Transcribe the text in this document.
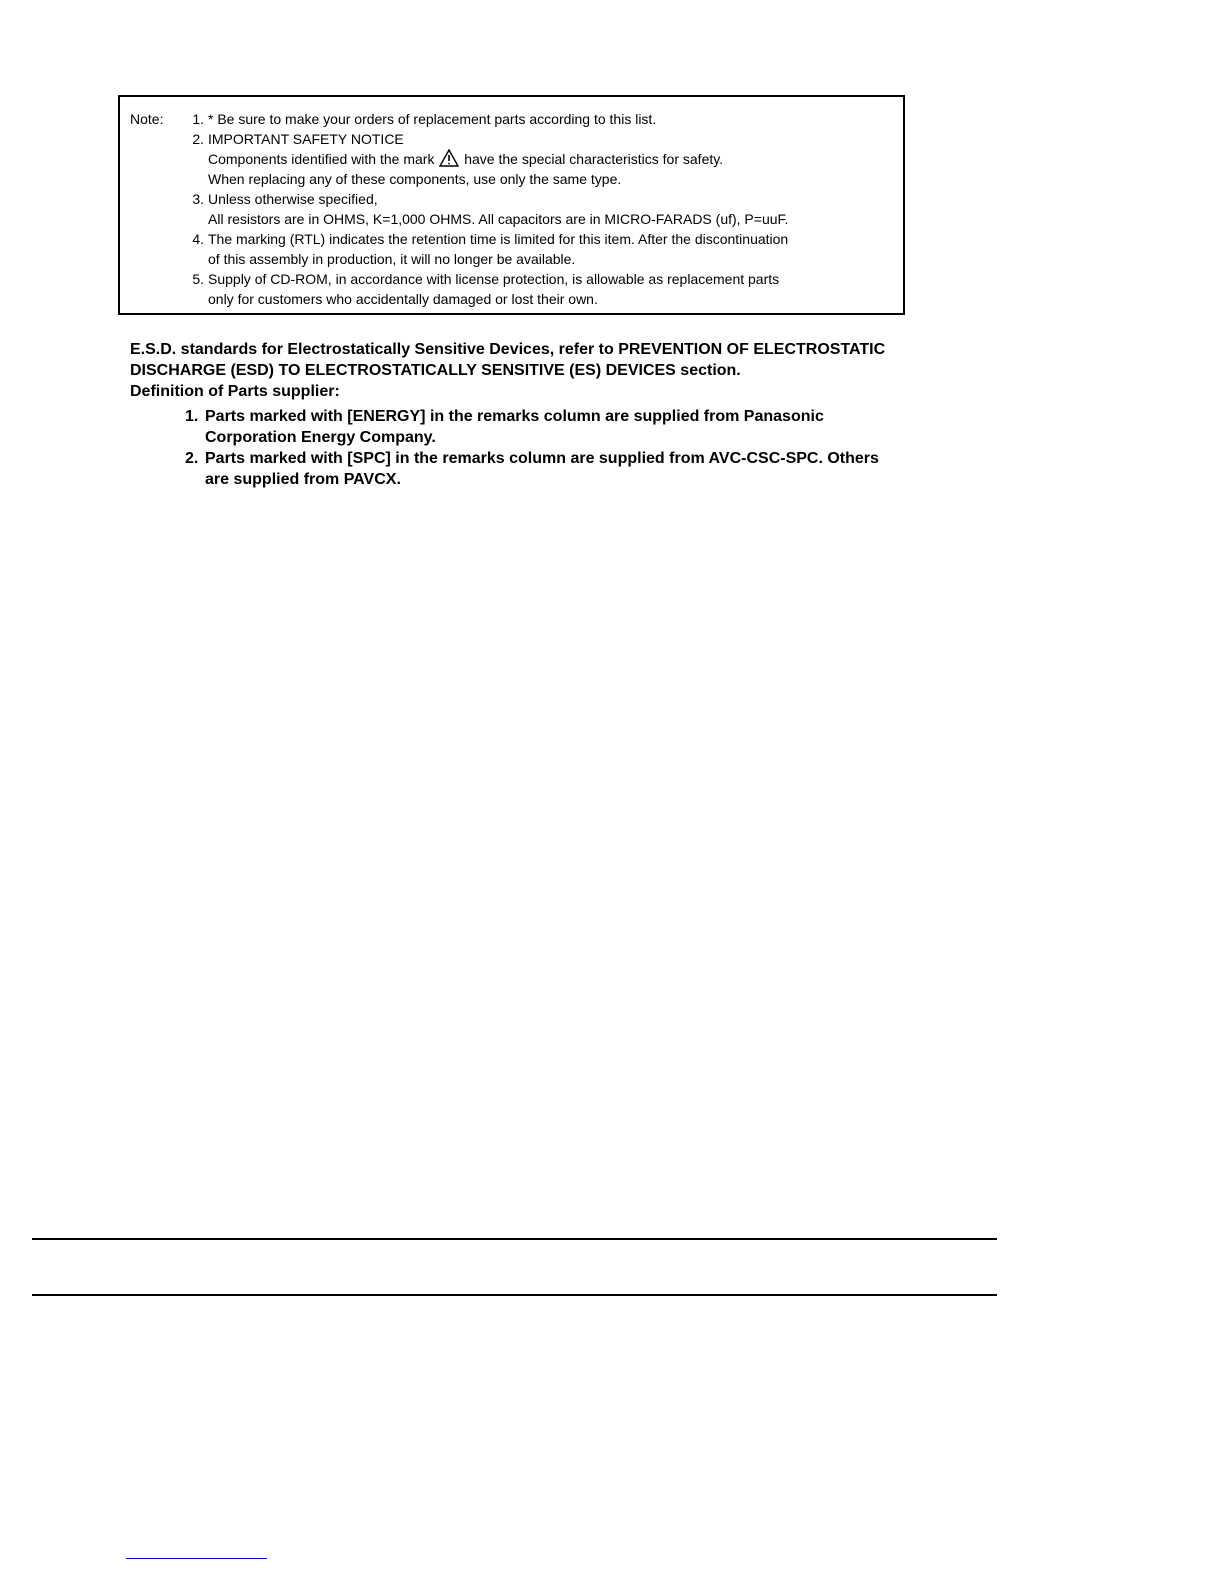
Note:	1. * Be sure to make your orders of replacement parts according to this list.
2. IMPORTANT SAFETY NOTICE
Components identified with the mark have the special characteristics for safety.
When replacing any of these components, use only the same type.
3. Unless otherwise specified,
All resistors are in OHMS, K=1,000 OHMS. All capacitors are in MICRO-FARADS (uf), P=uuF.
4. The marking (RTL) indicates the retention time is limited for this item. After the discontinuation
of this assembly in production, it will no longer be available.
5. Supply of CD-ROM, in accordance with license protection, is allowable as replacement parts
only for customers who accidentally damaged or lost their own.

E.S.D. standards for Electrostatically Sensitive Devices, refer to PREVENTION OF ELECTROSTATIC DISCHARGE (ESD) TO ELECTROSTATICALLY SENSITIVE (ES) DEVICES section.

Definition of Parts supplier:

1. Parts marked with [ENERGY] in the remarks column are supplied from Panasonic Corporation Energy Company.

2. Parts marked with [SPC] in the remarks column are supplied from AVC-CSC-SPC. Others are supplied from PAVCX.
